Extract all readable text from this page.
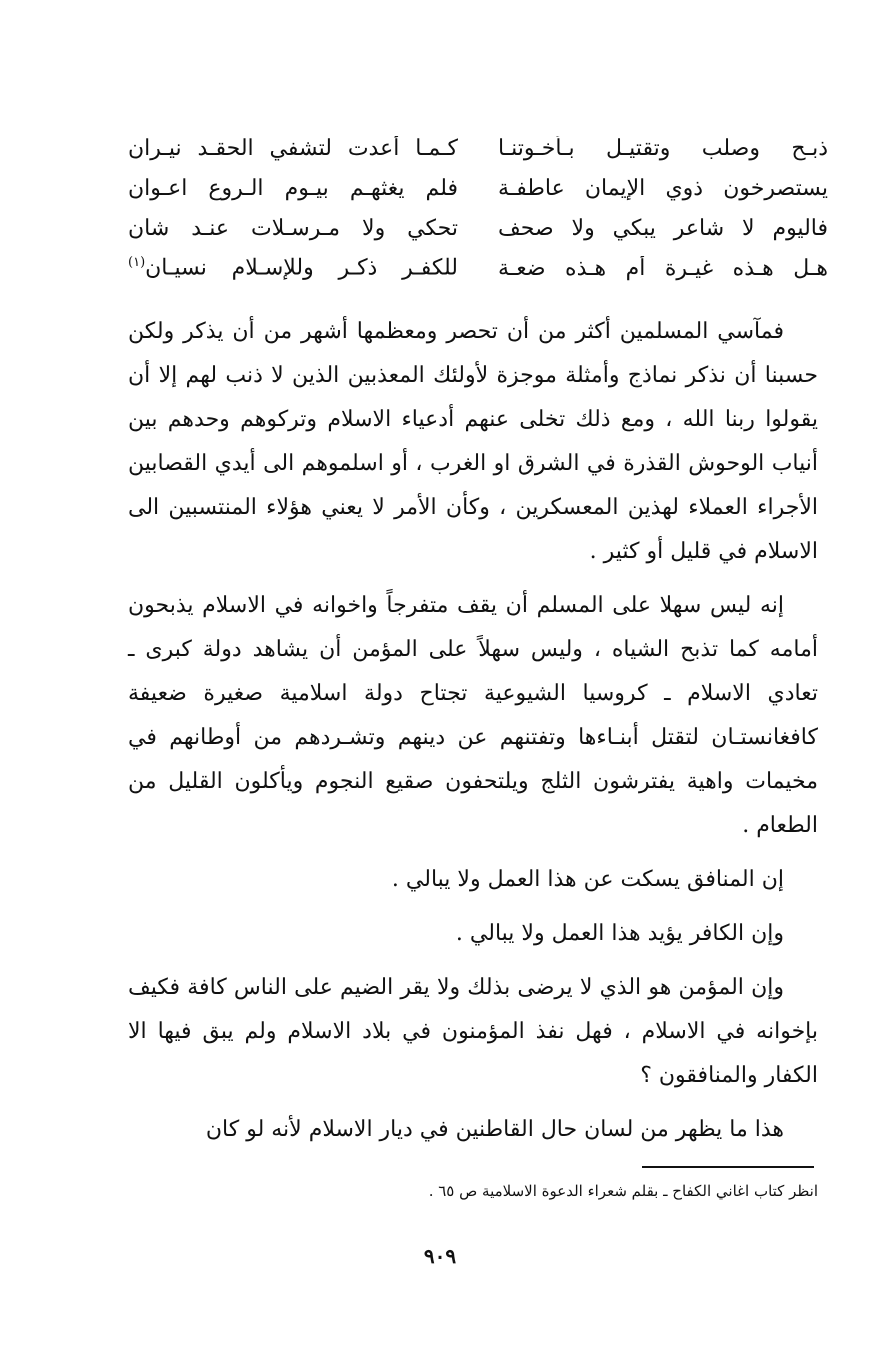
ذبـح وصلب وتقتيـل بـأخـوتنـا
كـمـا أعدت لتشفي الحقـد نيـران
يستصرخون ذوي الإيمان عاطفـة
فلم يغثهـم بيـوم الـروع اعـوان
فاليوم لا شاعر يبكي ولا صحف
تحكي ولا مـرسـلات عنـد شان
هـل هـذه غيـرة أم هـذه ضعـة
للكفـر ذكـر وللإسـلام نسيـان$^{(١)}$

فمآسي المسلمين أكثر من أن تحصر ومعظمها أشهر من أن يذكر ولكن حسبنا أن نذكر نماذج وأمثلة موجزة لأولئك المعذبين الذين لا ذنب لهم إلا أن يقولوا ربنا الله ، ومع ذلك تخلى عنهم أدعياء الاسلام وتركوهم وحدهم بين أنياب الوحوش القذرة في الشرق او الغرب ، أو اسلموهم الى أيدي القصابين الأجراء العملاء لهذين المعسكرين ، وكأن الأمر لا يعني هؤلاء المنتسبين الى الاسلام في قليل أو كثير .

إنه ليس سهلا على المسلم أن يقف متفرجاً واخوانه في الاسلام يذبحون أمامه كما تذبح الشياه ، وليس سهلاً على المؤمن أن يشاهد دولة كبرى ـ تعادي الاسلام ـ كروسيا الشيوعية تجتاح دولة اسلامية صغيرة ضعيفة كافغانستـان لتقتل أبنـاءها وتفتنهم عن دينهم وتشـردهم من أوطانهم في مخيمات واهية يفترشون الثلج ويلتحفون صقيع النجوم ويأكلون القليل من الطعام .

إن المنافق يسكت عن هذا العمل ولا يبالي .

وإن الكافر يؤيد هذا العمل ولا يبالي .

وإن المؤمن هو الذي لا يرضى بذلك ولا يقر الضيم على الناس كافة فكيف بإخوانه في الاسلام ، فهل نفذ المؤمنون في بلاد الاسلام ولم يبق فيها الا الكفار والمنافقون ؟

هذا ما يظهر من لسان حال القاطنين في ديار الاسلام لأنه لو كان

انظر كتاب اغاني الكفاح ـ بقلم شعراء الدعوة الاسلامية ص ٦٥ .
٩٠٩
